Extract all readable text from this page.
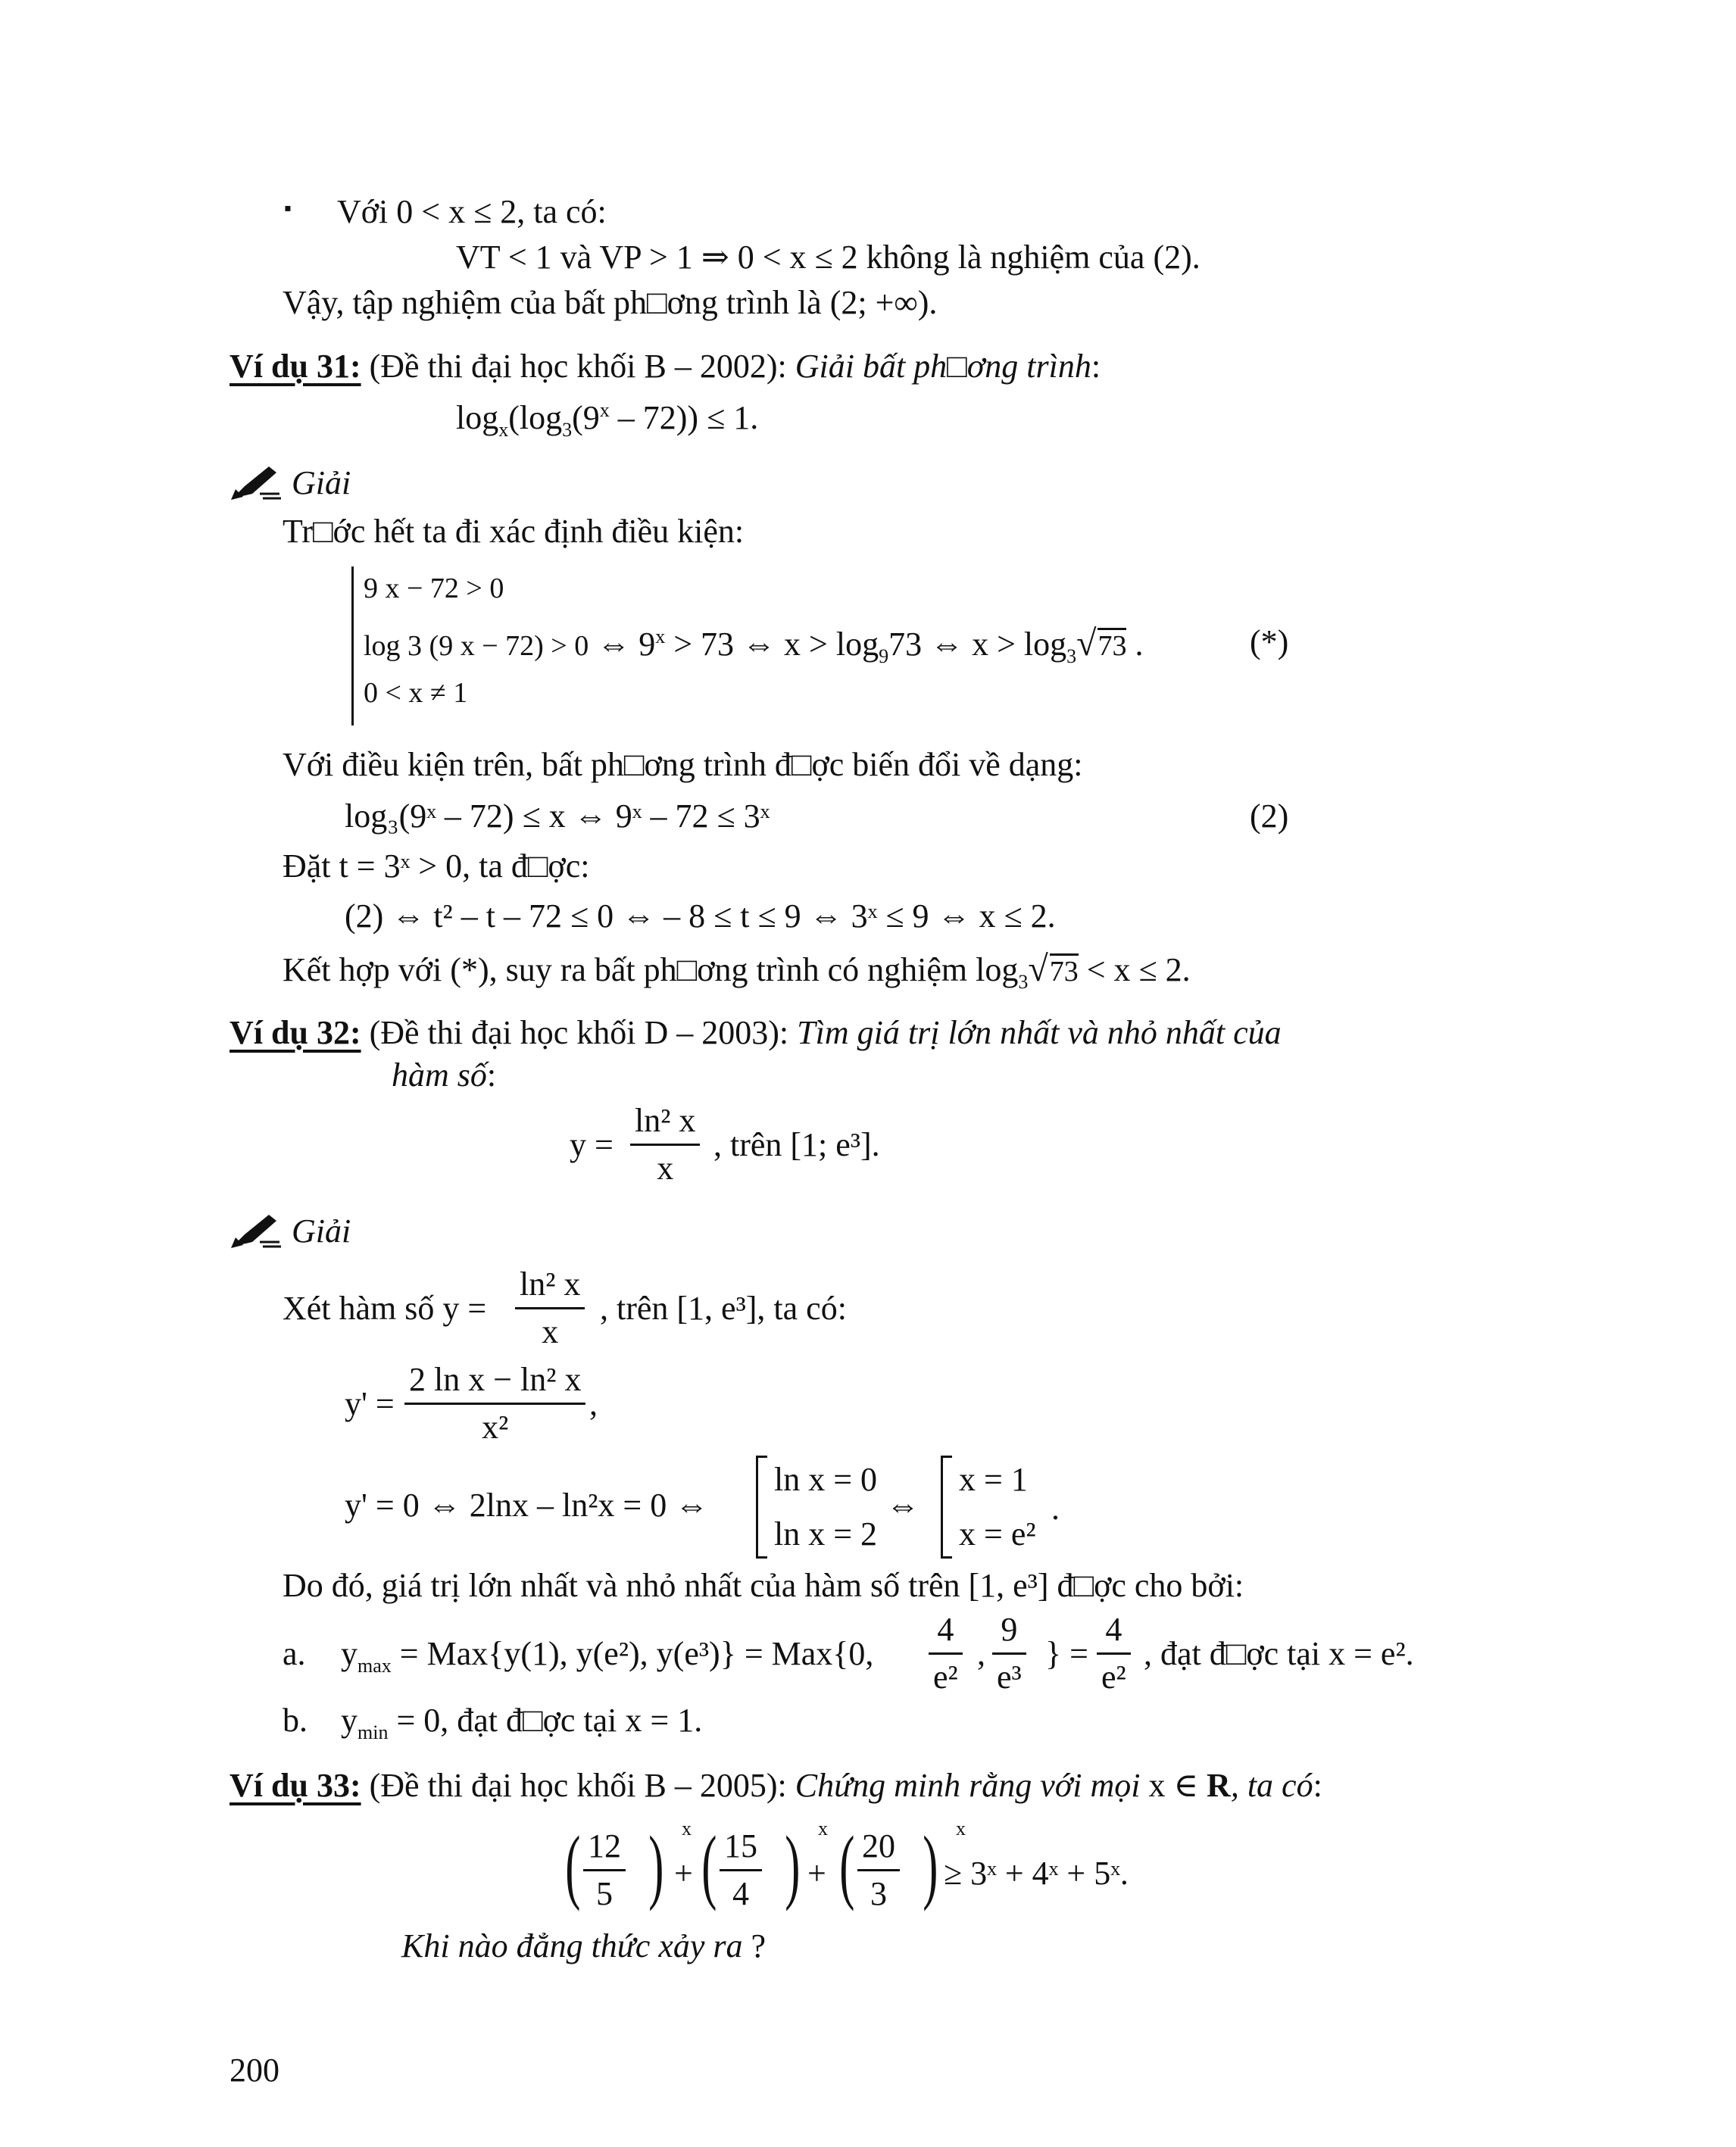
▪ Với 0 < x ≤ 2, ta có:
VT < 1 và VP > 1 ⇒ 0 < x ≤ 2 không là nghiệm của (2).
Vậy, tập nghiệm của bất ph□ơng trình là (2; +∞).
Ví dụ 31: (Đề thi đại học khối B – 2002): Giải bất ph□ơng trình:
$\log_x(\log_3(9^x - 72)) \le 1$.
Giải
Tr□ớc hết ta đi xác định điều kiện:
9 x − 72 > 0
log 3 (9 x − 72) > 0 ⇔ $9^x > 73$ ⇔ $x > \log_973$ ⇔ $x > \log_3√73$ .	(*)
0 < x ≠ 1
Với điều kiện trên, bất ph□ơng trình đ□ợc biến đổi về dạng:
log₃(9ˣ – 72) ≤ x ⇔ 9ˣ – 72 ≤ 3ˣ	(2)
Đặt t = 3ˣ > 0, ta đ□ợc:
(2) ⇔ t² – t – 72 ≤ 0 ⇔ – 8 ≤ t ≤ 9 ⇔ 3ˣ ≤ 9 ⇔ x ≤ 2.
Kết hợp với (*), suy ra bất ph□ơng trình có nghiệm $\log_3√73 < x \le 2$.
Ví dụ 32: (Đề thi đại học khối D – 2003): Tìm giá trị lớn nhất và nhỏ nhất của
hàm số:
$y = \frac{\text{ln² x}}{x}$ , trên [1; e³].
Giải
Xét hàm số $y = \frac{\text{ln² x}}{x}$ , trên [1, e³], ta có:
$y' = \frac{\text{2 ln x − ln² x}}{\text{x²}}$ ,
y' = 0 ⇔ 2lnx – ln²x = 0 ⇔
ln x = 0
ln x = 2
⇔
x = 1
x = e²
.
Do đó, giá trị lớn nhất và nhỏ nhất của hàm số trên [1, e³] đ□ợc cho bởi:
a. $y_{max} = Max\{y(1)$, y(e²), y(e³)} = Max{0, $\frac{4}{\text{e²}}$ , $\frac{9}{\text{e³}}$ } = $\frac{4}{\text{e²}}$ , đạt đ□ợc tại x = e².
b. $y_{min} = 0$, đạt đ□ợc tại x = 1.
Ví dụ 33: (Đề thi đại học khối B – 2005): Chứng minh rằng với mọi x ∈ R, ta có:
( $\frac{12}{5}$ ) x
+ ( $\frac{15}{4}$ ) x
+ ( $\frac{20}{3}$ ) x
≥ 3ˣ + 4ˣ + 5ˣ.
Khi nào đẳng thức xảy ra ?
200
